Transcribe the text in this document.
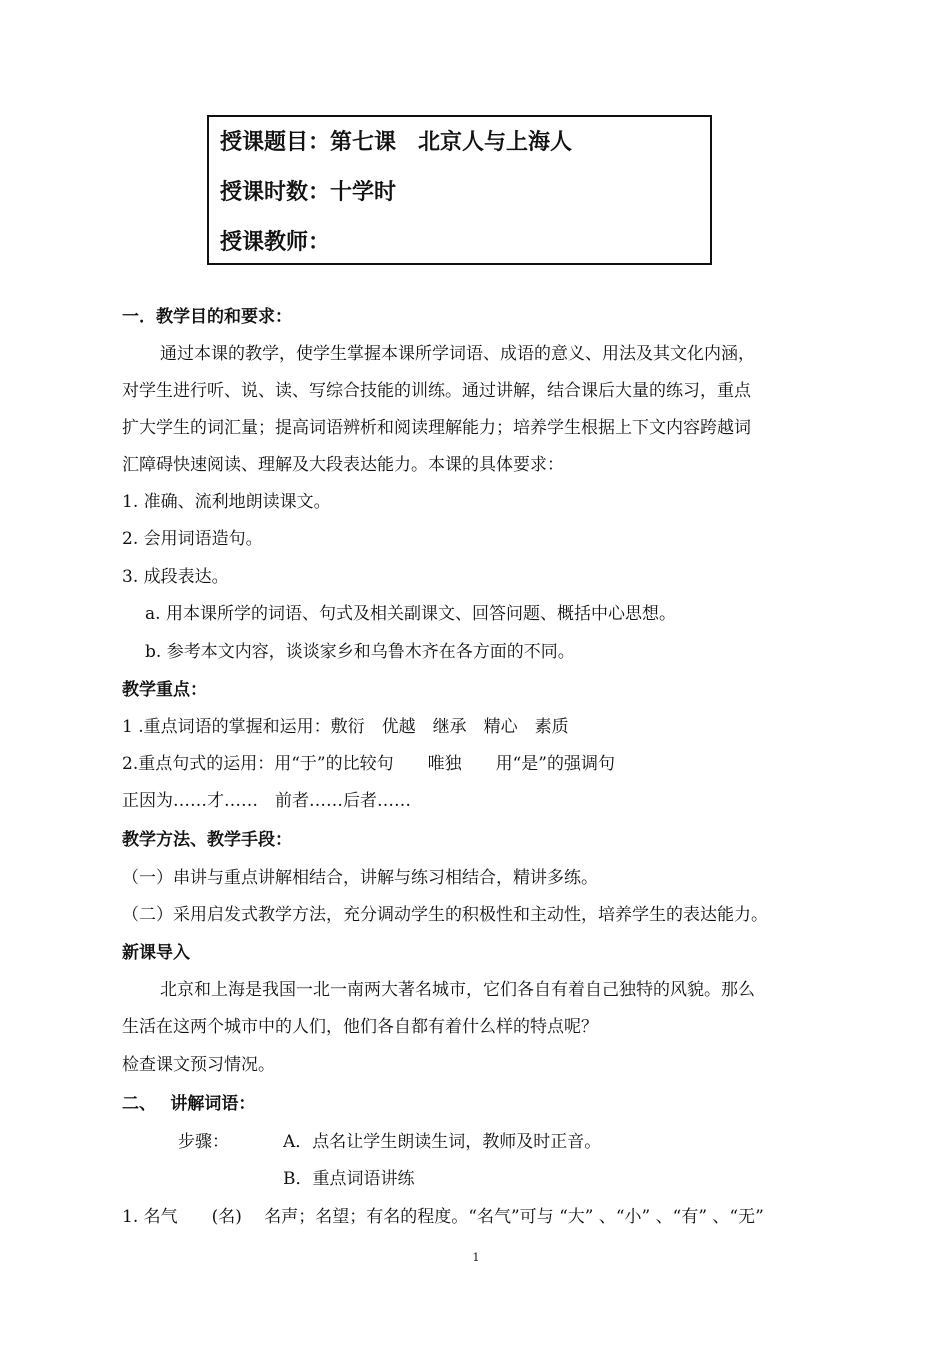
授课题目：第七课　北京人与上海人
授课时数：十学时
授课教师：
一．教学目的和要求：
通过本课的教学，使学生掌握本课所学词语、成语的意义、用法及其文化内涵，
对学生进行听、说、读、写综合技能的训练。通过讲解，结合课后大量的练习，重点
扩大学生的词汇量；提高词语辨析和阅读理解能力；培养学生根据上下文内容跨越词
汇障碍快速阅读、理解及大段表达能力。本课的具体要求：
1. 准确、流利地朗读课文。
2. 会用词语造句。
3. 成段表达。
a. 用本课所学的词语、句式及相关副课文、回答问题、概括中心思想。
b. 参考本文内容，谈谈家乡和乌鲁木齐在各方面的不同。
教学重点：
1 .重点词语的掌握和运用：敷衍　优越　继承　精心　素质
2.重点句式的运用：用“于”的比较句　　唯独　　用“是”的强调句
正因为……才……　前者……后者……
教学方法、教学手段：
（一）串讲与重点讲解相结合，讲解与练习相结合，精讲多练。
（二）采用启发式教学方法，充分调动学生的积极性和主动性，培养学生的表达能力。
新课导入
北京和上海是我国一北一南两大著名城市，它们各自有着自己独特的风貌。那么
生活在这两个城市中的人们，他们各自都有着什么样的特点呢？
检查课文预习情况。
二、　 讲解词语：
步骤：	A．点名让学生朗读生词，教师及时正音。
B．重点词语讲练
1. 名气　　(名)　 名声；名望；有名的程度。“名气”可与 “大” 、“小” 、“有” 、“无”
1
